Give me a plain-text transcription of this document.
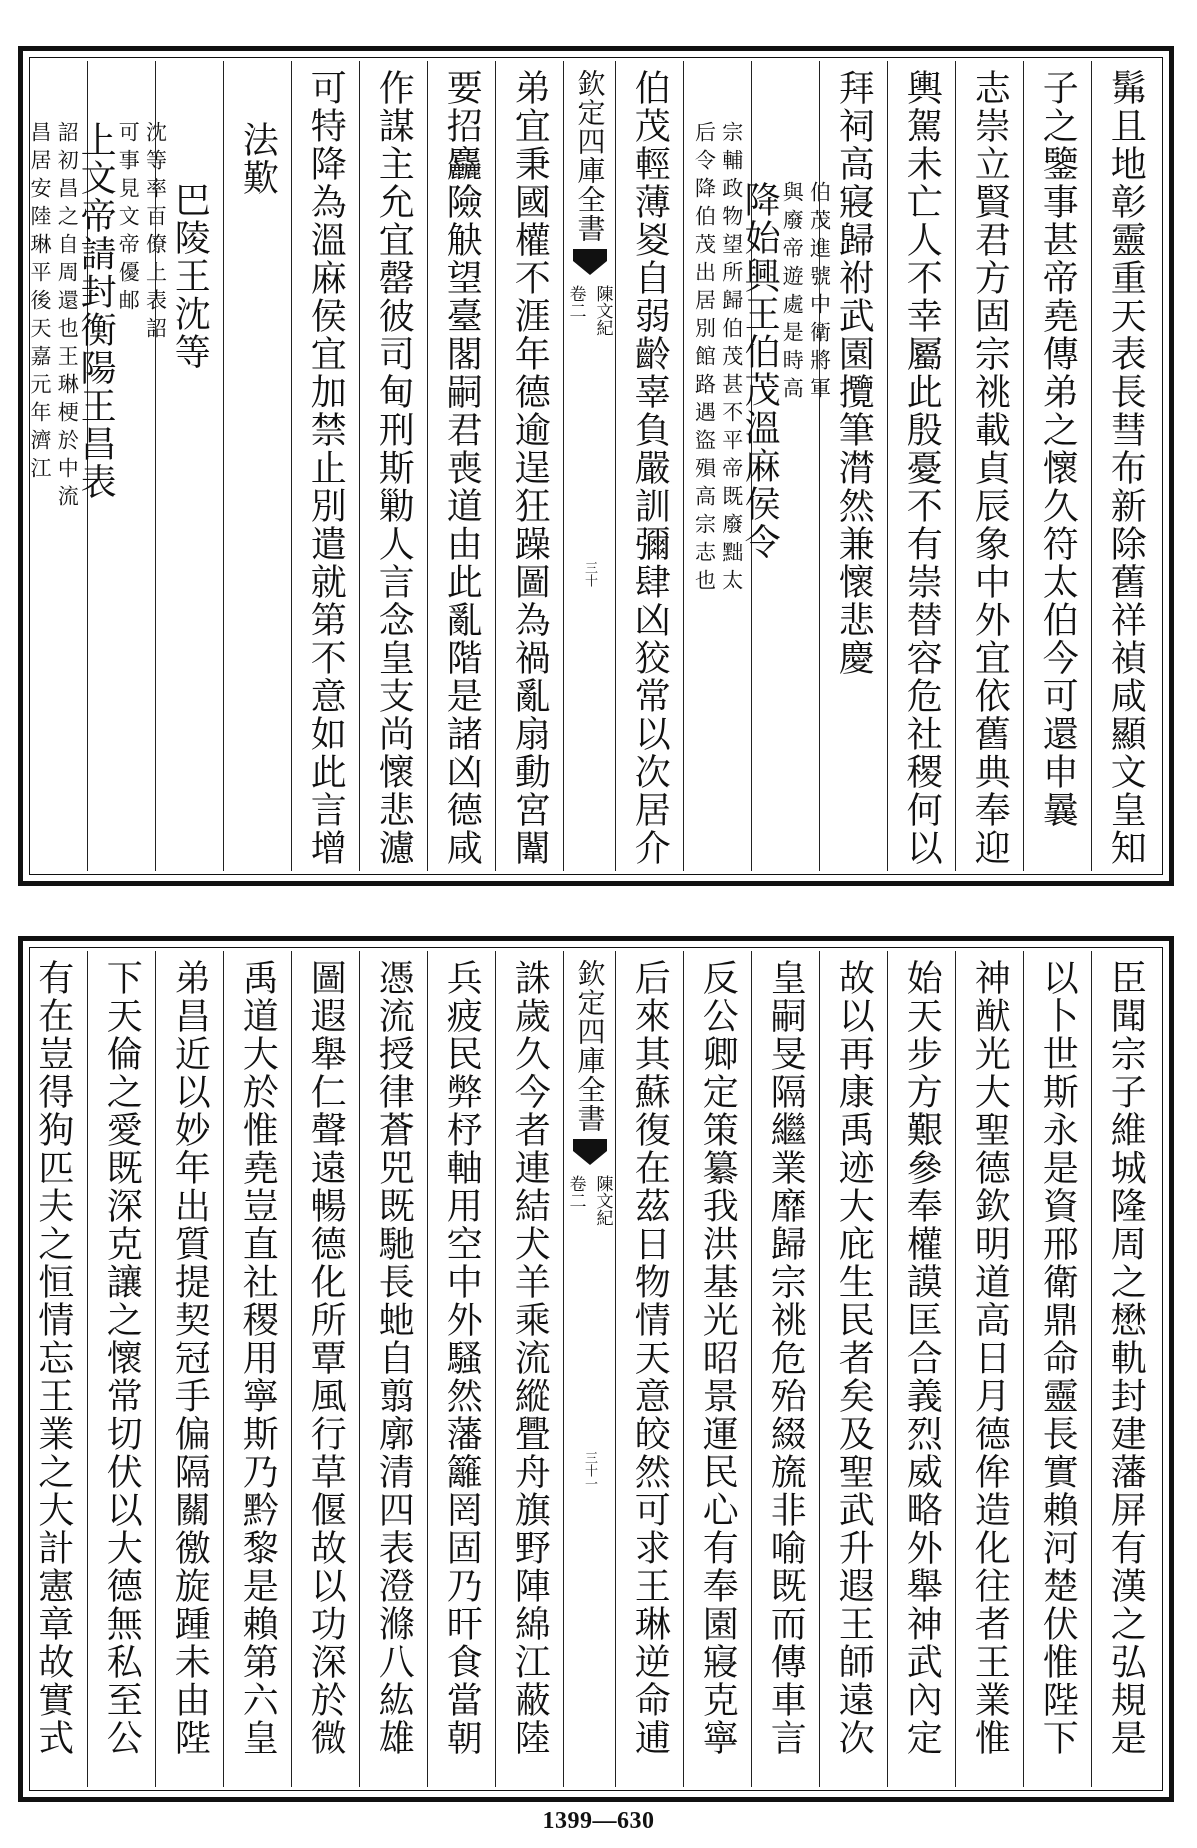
髴且地彰靈重天表長彗布新除舊祥禎咸顯文皇知
子之鑒事甚帝堯傳弟之懷久符太伯今可還申曩
志崇立賢君方固宗祧載貞辰象中外宜依舊典奉迎
輿駕未亡人不幸屬此殷憂不有崇替容危社稷何以
拜祠高寢歸祔武園攬筆潸然兼懷悲慶
降始興王伯茂溫麻侯令 伯茂進號中衛將軍
與廢帝遊處是時高
宗輔政物望所歸伯茂甚不平帝既廢黜太
后令降伯茂出居別館路遇盜殞高宗志也
伯茂輕薄㚇自弱齡辜負嚴訓彌肆凶狡常以次居介
欽定四庫全書
陳文紀
卷二
三十
弟宜秉國權不涯年德逾逞狂躁圖為禍亂扇動宮闈
要招麤險觖望臺閣嗣君喪道由此亂階是諸凶德咸
作謀主允宜罄彼司甸刑斯勦人言念皇支尚懷悲濾
可特降為溫麻侯宜加禁止別遣就第不意如此言增
法歎
巴陵王沈等
上文帝請封衡陽王昌表 沈等率百僚上表詔
可事見文帝優邮
詔初昌之自周還也王琳梗於中流
昌居安陸琳平後天嘉元年濟江
臣聞宗子維城隆周之懋軌封建藩屏有漢之弘規是
以卜世斯永是資邢衛鼎命靈長實賴河楚伏惟陛下
神猷光大聖德欽明道高日月德侔造化往者王業惟
始天步方艱參奉權謨匡合義烈威略外舉神武內定
故以再康禹迹大庇生民者矣及聖武升遐王師遠次
皇嗣旻隔繼業靡歸宗祧危殆綴旒非喻既而傳車言
反公卿定策纂我洪基光昭景運民心有奉園寢克寧
后來其蘇復在茲日物情天意皎然可求王琳逆命逋
欽定四庫全書
陳文紀
卷二
三十一
誅歲久今者連結犬羊乘流縱舋舟旗野陣綿江蔽陸
兵疲民弊杼軸用空中外騷然藩籬罔固乃旰食當朝
憑流授律蒼兕既馳長虵自翦廓清四表澄滌八紘雄
圖遐舉仁聲遠暢德化所覃風行草偃故以功深於微
禹道大於惟堯豈直社稷用寧斯乃黔黎是賴第六皇
弟昌近以妙年出質提契冠手偏隔關徼旋踵未由陛
下天倫之愛既深克讓之懷常切伏以大德無私至公
有在豈得狗匹夫之恒情忘王業之大計憲章故實式
1399—630
